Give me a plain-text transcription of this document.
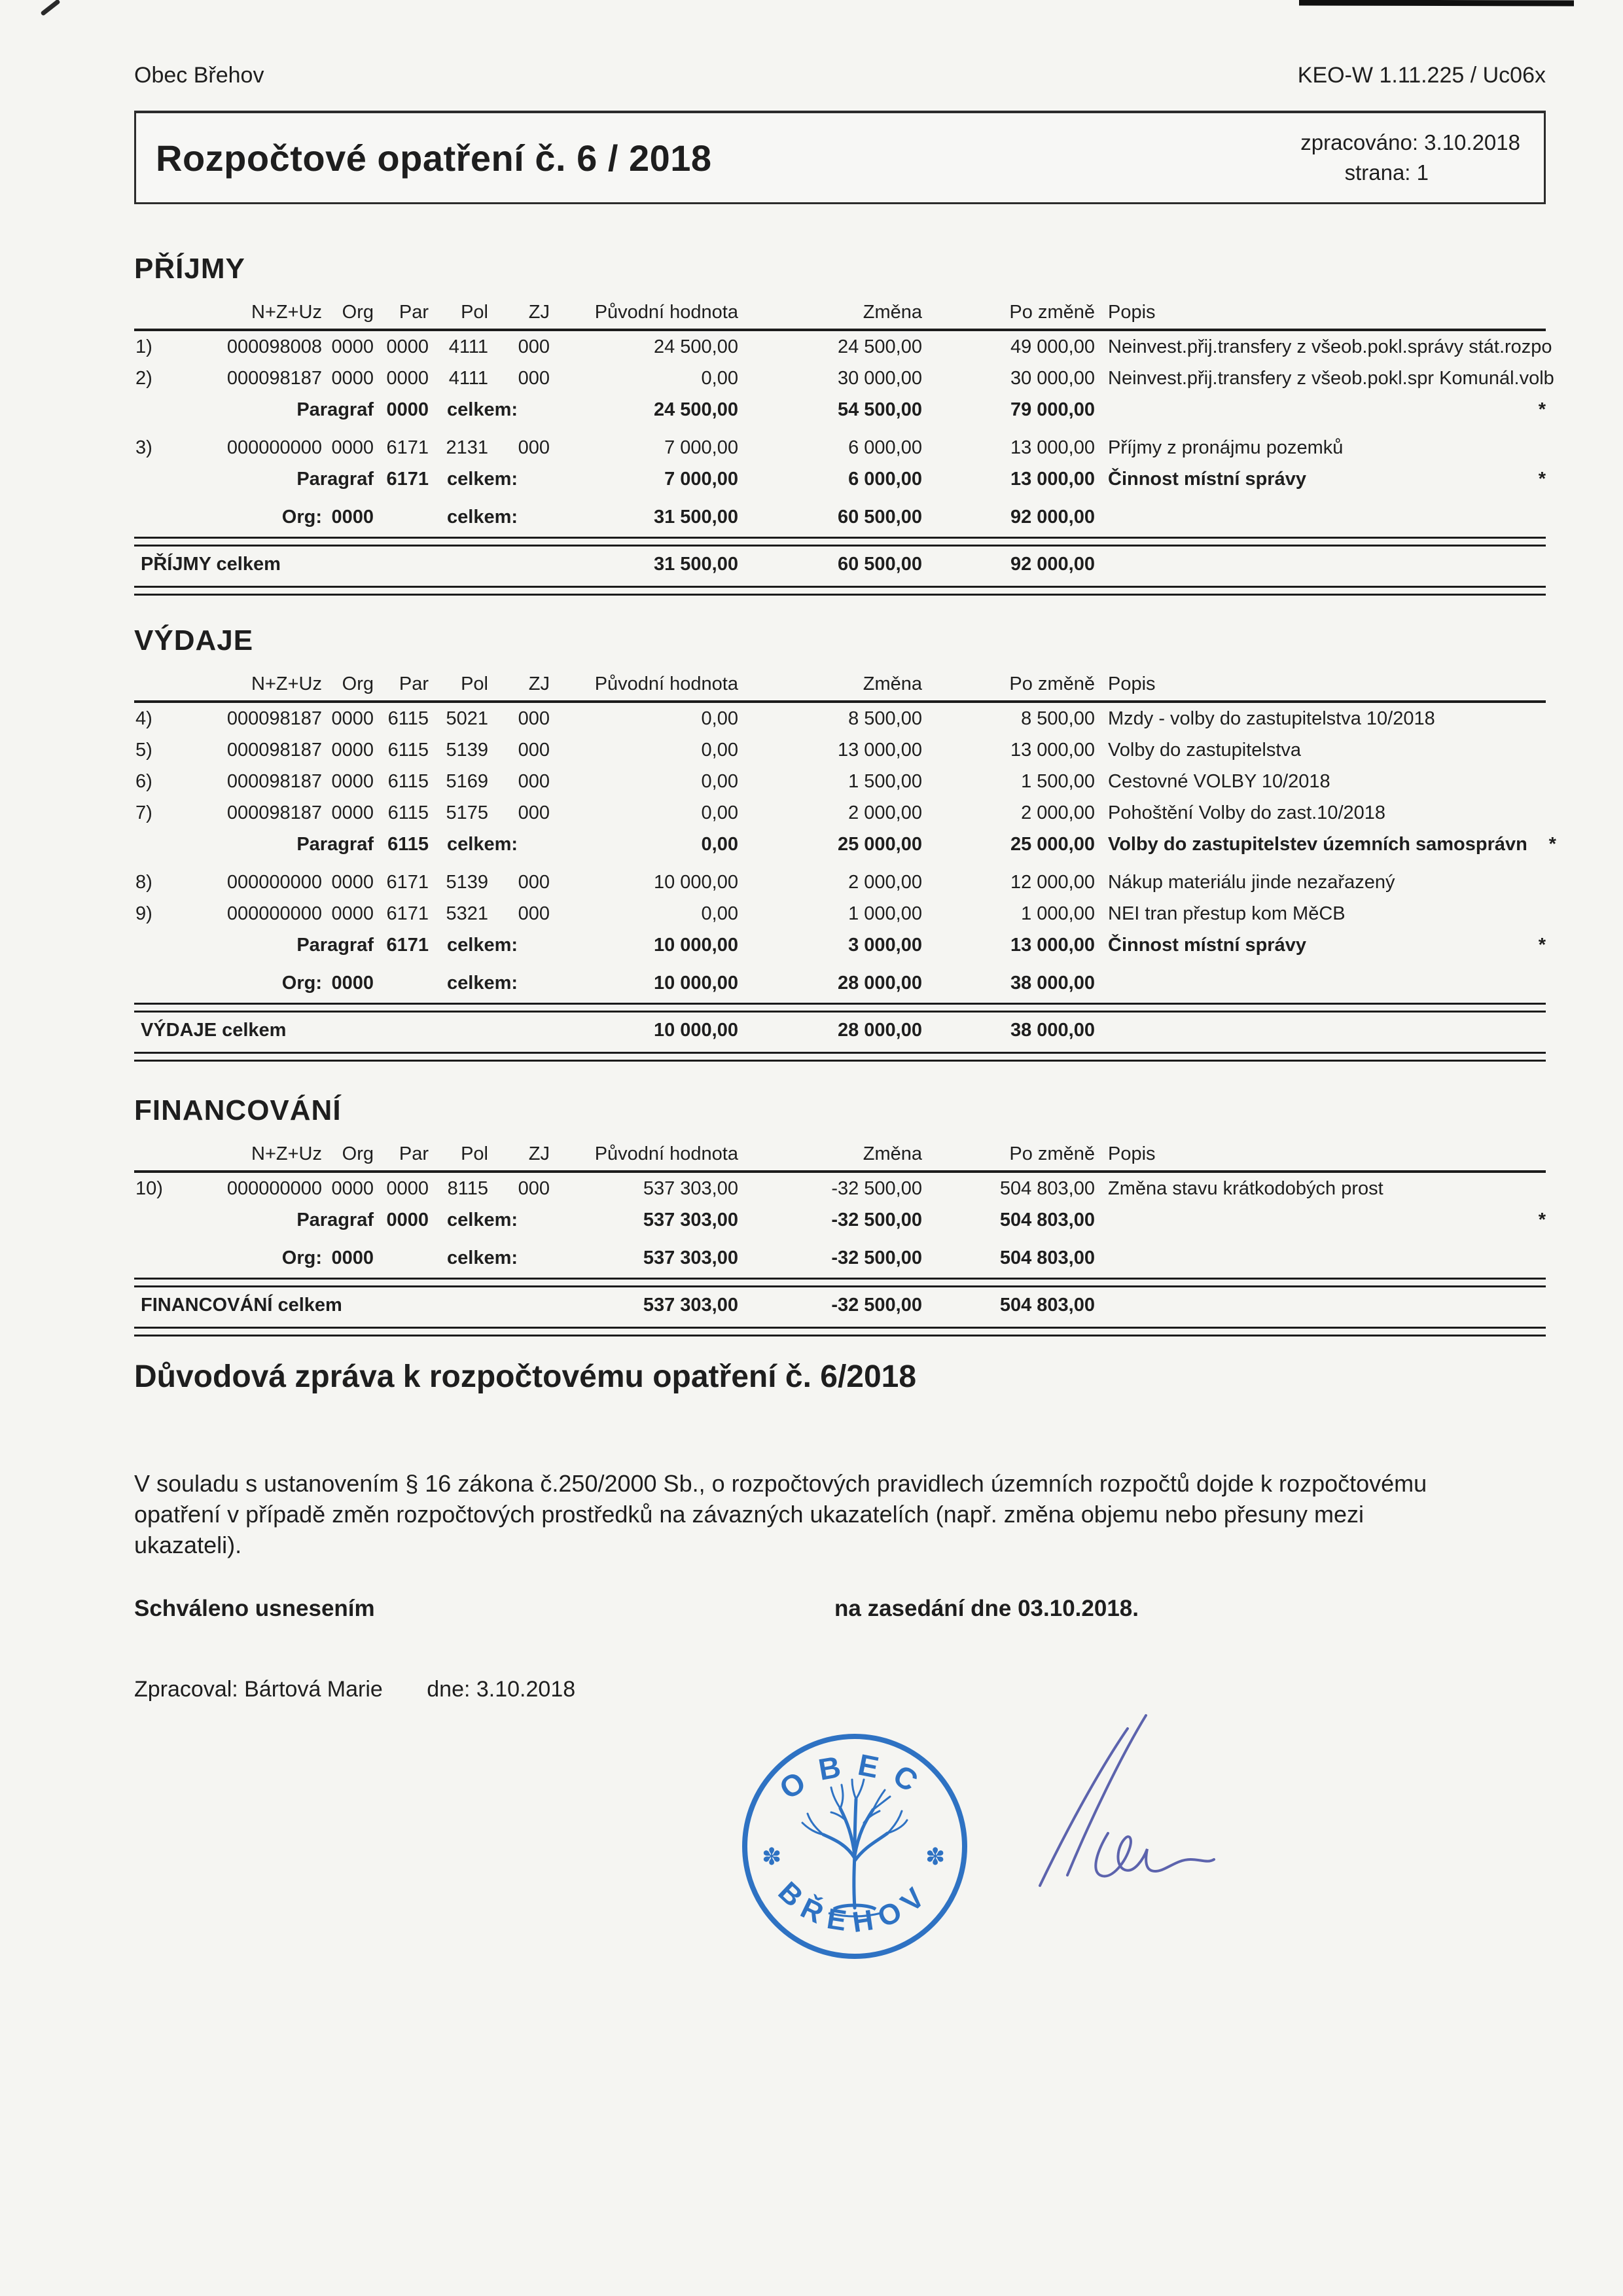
Obec Břehov	KEO-W 1.11.225 / Uc06x
Rozpočtové opatření č. 6 / 2018	zpracováno: 3.10.2018
strana: 1
PŘÍJMY
N+Z+Uz	Org	Par	Pol	ZJ	Původní hodnota	Změna	Po změně Popis
1)	000098008 0000 0000	4111	000	24 500,00	24 500,00	49 000,00 Neinvest.přij.transfery z všeob.pokl.správy stát.rozpo
2)	000098187 0000 0000	4111	000	0,00	30 000,00	30 000,00 Neinvest.přij.transfery z všeob.pokl.spr Komunál.volb
Paragraf 0000 celkem:	24 500,00	54 500,00	79 000,00	*
3)	000000000 0000 6171 2131	000	7 000,00	6 000,00	13 000,00 Příjmy z pronájmu pozemků
Paragraf 6171 celkem:	7 000,00	6 000,00	13 000,00 Činnost místní správy	*
Org: 0000	celkem:	31 500,00	60 500,00	92 000,00
PŘÍJMY celkem	31 500,00	60 500,00	92 000,00
VÝDAJE
N+Z+Uz	Org	Par	Pol	ZJ	Původní hodnota	Změna	Po změně Popis
4)	000098187 0000 6115 5021	000	0,00	8 500,00	8 500,00 Mzdy - volby do zastupitelstva 10/2018
5)	000098187 0000 6115 5139	000	0,00	13 000,00	13 000,00 Volby do zastupitelstva
6)	000098187 0000 6115 5169	000	0,00	1 500,00	1 500,00 Cestovné VOLBY 10/2018
7)	000098187 0000 6115 5175	000	0,00	2 000,00	2 000,00 Pohoštění Volby do zast.10/2018
Paragraf 6115 celkem:	0,00	25 000,00	25 000,00 Volby do zastupitelstev územních samosprávn	*
8)	000000000 0000 6171 5139	000	10 000,00	2 000,00	12 000,00 Nákup materiálu jinde nezařazený
9)	000000000 0000 6171 5321	000	0,00	1 000,00	1 000,00 NEI tran přestup kom MěCB
Paragraf 6171 celkem:	10 000,00	3 000,00	13 000,00 Činnost místní správy	*
Org: 0000	celkem:	10 000,00	28 000,00	38 000,00
VÝDAJE celkem	10 000,00	28 000,00	38 000,00
FINANCOVÁNÍ
N+Z+Uz	Org	Par	Pol	ZJ	Původní hodnota	Změna	Po změně Popis
10)	000000000 0000 0000 8115	000	537 303,00	-32 500,00	504 803,00 Změna stavu krátkodobých prost
Paragraf 0000 celkem:	537 303,00	-32 500,00	504 803,00	*
Org: 0000	celkem:	537 303,00	-32 500,00	504 803,00
FINANCOVÁNÍ celkem	537 303,00	-32 500,00	504 803,00
Důvodová zpráva k rozpočtovému opatření č. 6/2018
V souladu s ustanovením § 16 zákona č.250/2000 Sb., o rozpočtových pravidlech územních rozpočtů dojde k rozpočtovému opatření v případě změn rozpočtových prostředků na závazných ukazatelích (např. změna objemu nebo přesuny mezi ukazateli).
Schváleno usnesením	na zasedání dne 03.10.2018.
Zpracoval: Bártová Marie dne: 3.10.2018
OBEC
BŘEHOV
✽	✽
